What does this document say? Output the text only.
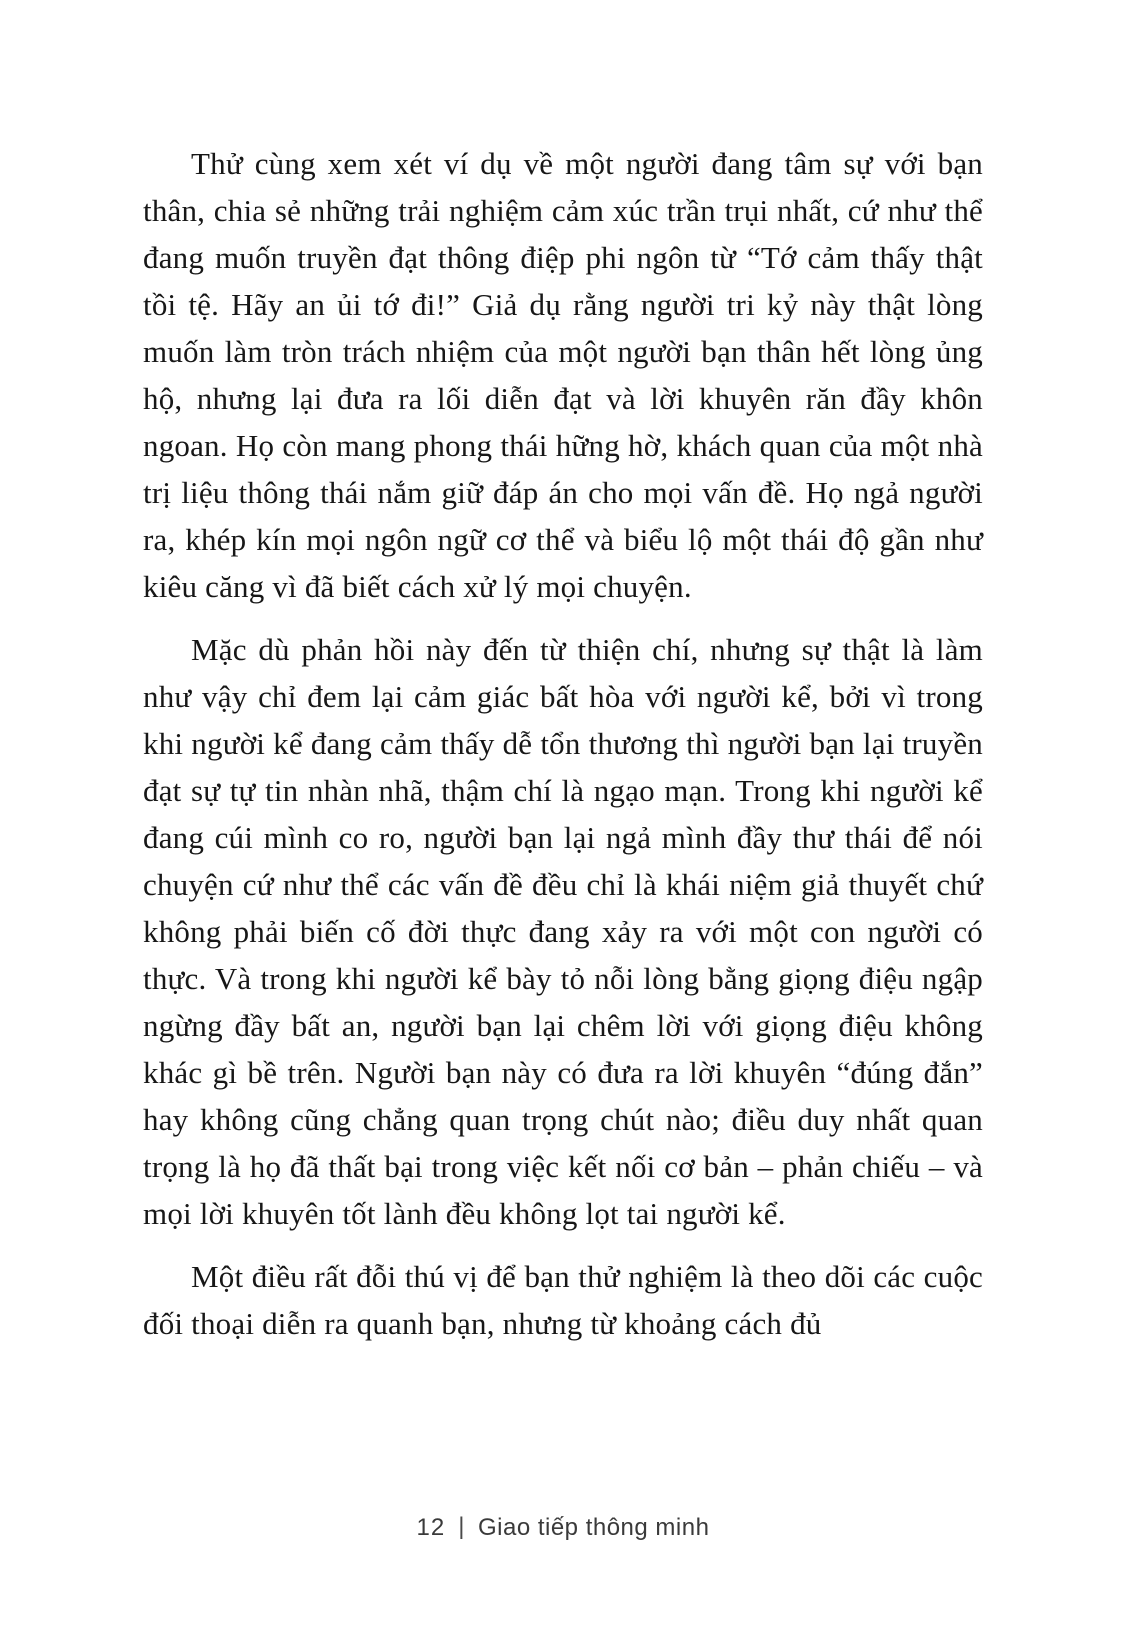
Thử cùng xem xét ví dụ về một người đang tâm sự với bạn thân, chia sẻ những trải nghiệm cảm xúc trần trụi nhất, cứ như thể đang muốn truyền đạt thông điệp phi ngôn từ “Tớ cảm thấy thật tồi tệ. Hãy an ủi tớ đi!” Giả dụ rằng người tri kỷ này thật lòng muốn làm tròn trách nhiệm của một người bạn thân hết lòng ủng hộ, nhưng lại đưa ra lối diễn đạt và lời khuyên răn đầy khôn ngoan. Họ còn mang phong thái hững hờ, khách quan của một nhà trị liệu thông thái nắm giữ đáp án cho mọi vấn đề. Họ ngả người ra, khép kín mọi ngôn ngữ cơ thể và biểu lộ một thái độ gần như kiêu căng vì đã biết cách xử lý mọi chuyện.

Mặc dù phản hồi này đến từ thiện chí, nhưng sự thật là làm như vậy chỉ đem lại cảm giác bất hòa với người kể, bởi vì trong khi người kể đang cảm thấy dễ tổn thương thì người bạn lại truyền đạt sự tự tin nhàn nhã, thậm chí là ngạo mạn. Trong khi người kể đang cúi mình co ro, người bạn lại ngả mình đầy thư thái để nói chuyện cứ như thể các vấn đề đều chỉ là khái niệm giả thuyết chứ không phải biến cố đời thực đang xảy ra với một con người có thực. Và trong khi người kể bày tỏ nỗi lòng bằng giọng điệu ngập ngừng đầy bất an, người bạn lại chêm lời với giọng điệu không khác gì bề trên. Người bạn này có đưa ra lời khuyên “đúng đắn” hay không cũng chẳng quan trọng chút nào; điều duy nhất quan trọng là họ đã thất bại trong việc kết nối cơ bản – phản chiếu – và mọi lời khuyên tốt lành đều không lọt tai người kể.

Một điều rất đỗi thú vị để bạn thử nghiệm là theo dõi các cuộc đối thoại diễn ra quanh bạn, nhưng từ khoảng cách đủ

12 | Giao tiếp thông minh
